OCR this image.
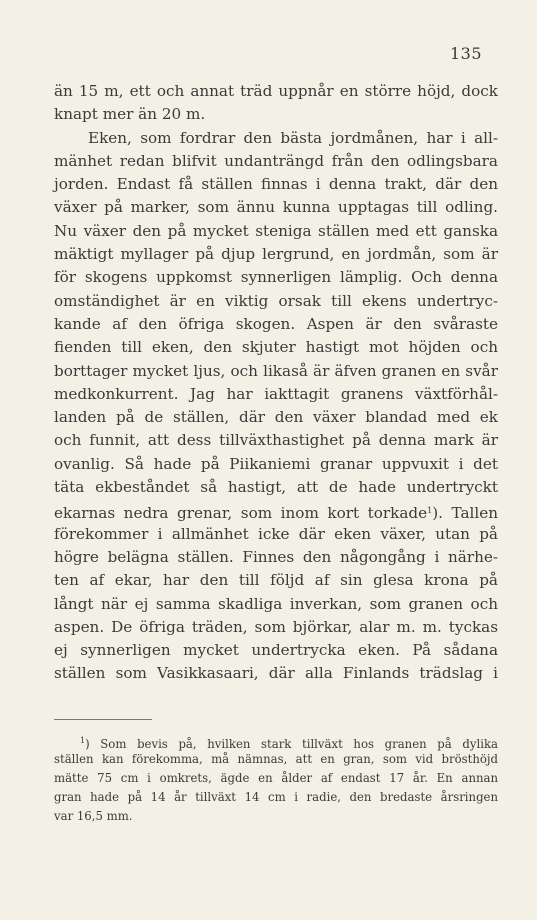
135
än 15 m, ett och annat träd uppnår en större höjd, dock
knapt mer än 20 m.
Eken, som fordrar den bästa jordmånen, har i all-
mänhet redan blifvit undanträngd från den odlingsbara
jorden. Endast få ställen finnas i denna trakt, där den
växer på marker, som ännu kunna upptagas till odling.
Nu växer den på mycket steniga ställen med ett ganska
mäktigt myllager på djup lergrund, en jordmån, som är
för skogens uppkomst synnerligen lämplig. Och denna
omständighet är en viktig orsak till ekens undertryc-
kande af den öfriga skogen. Aspen är den svåraste
fienden till eken, den skjuter hastigt mot höjden och
borttager mycket ljus, och likaså är äfven granen en svår
medkonkurrent. Jag har iakttagit granens växtförhål-
landen på de ställen, där den växer blandad med ek
och funnit, att dess tillväxthastighet på denna mark är
ovanlig. Så hade på Piikaniemi granar uppvuxit i det
täta ekbeståndet så hastigt, att de hade undertryckt
ekarnas nedra grenar, som inom kort torkade$^1$). Tallen
förekommer i allmänhet icke där eken växer, utan på
högre belägna ställen. Finnes den någongång i närhe-
ten af ekar, har den till följd af sin glesa krona på
långt när ej samma skadliga inverkan, som granen och
aspen. De öfriga träden, som björkar, alar m. m. tyckas
ej synnerligen mycket undertrycka eken. På sådana
ställen som Vasikkasaari, där alla Finlands trädslag i
$^1$) Som bevis på, hvilken stark tillväxt hos granen på dylika
ställen kan förekomma, må nämnas, att en gran, som vid brösthöjd
mätte 75 cm i omkrets, ägde en ålder af endast 17 år. En annan
gran hade på 14 år tillväxt 14 cm i radie, den bredaste årsringen
var 16,5 mm.
